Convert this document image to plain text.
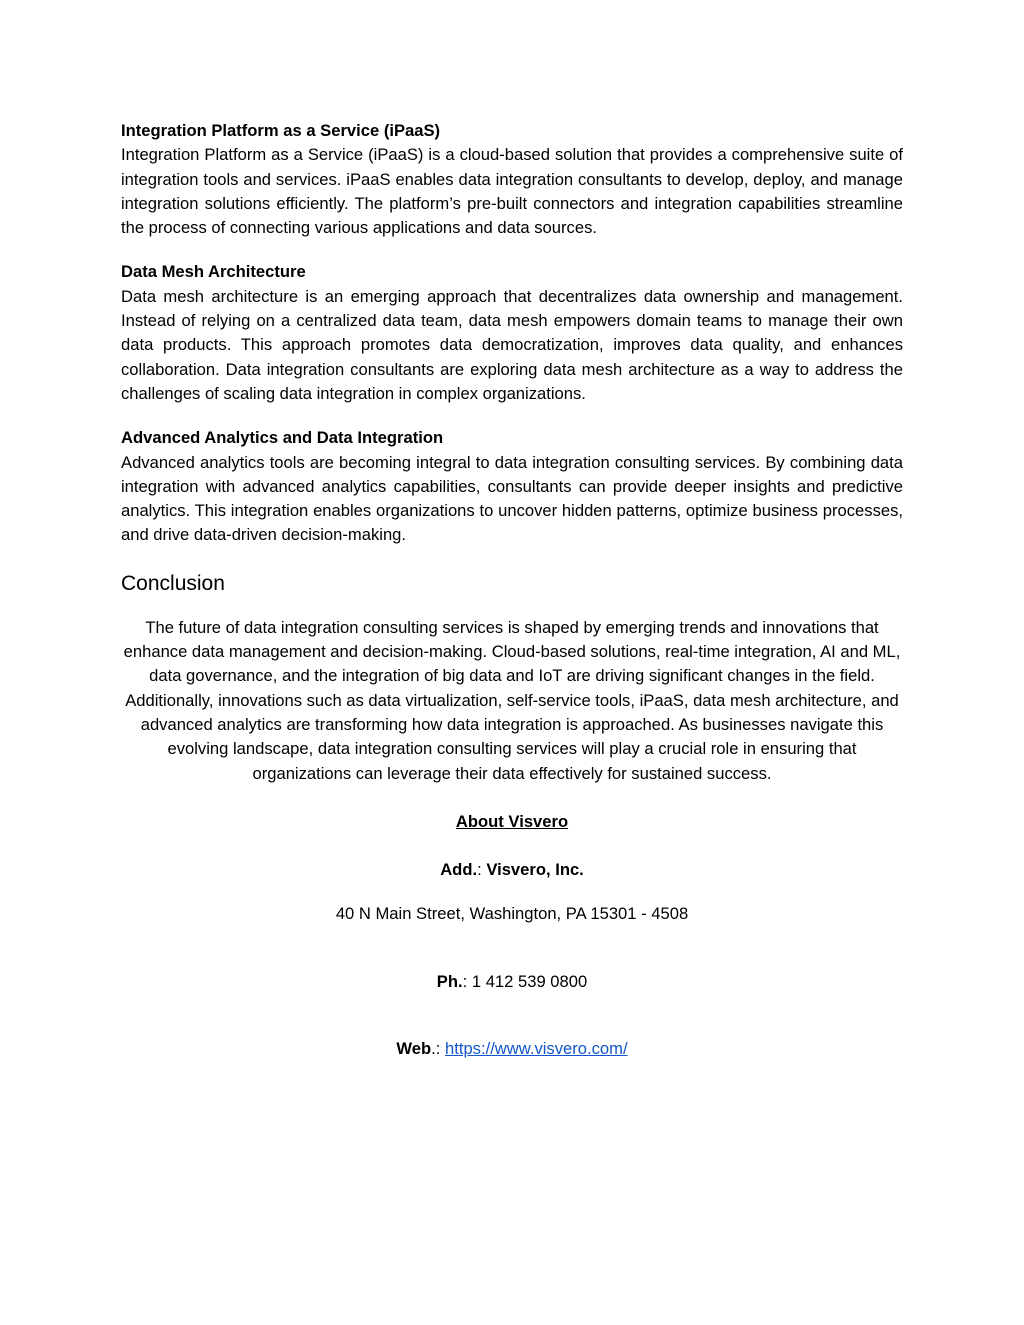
Integration Platform as a Service (iPaaS)

Integration Platform as a Service (iPaaS) is a cloud-based solution that provides a comprehensive suite of integration tools and services. iPaaS enables data integration consultants to develop, deploy, and manage integration solutions efficiently. The platform’s pre-built connectors and integration capabilities streamline the process of connecting various applications and data sources.

Data Mesh Architecture

Data mesh architecture is an emerging approach that decentralizes data ownership and management. Instead of relying on a centralized data team, data mesh empowers domain teams to manage their own data products. This approach promotes data democratization, improves data quality, and enhances collaboration. Data integration consultants are exploring data mesh architecture as a way to address the challenges of scaling data integration in complex organizations.

Advanced Analytics and Data Integration

Advanced analytics tools are becoming integral to data integration consulting services. By combining data integration with advanced analytics capabilities, consultants can provide deeper insights and predictive analytics. This integration enables organizations to uncover hidden patterns, optimize business processes, and drive data-driven decision-making.

Conclusion

The future of data integration consulting services is shaped by emerging trends and innovations that enhance data management and decision-making. Cloud-based solutions, real-time integration, AI and ML, data governance, and the integration of big data and IoT are driving significant changes in the field. Additionally, innovations such as data virtualization, self-service tools, iPaaS, data mesh architecture, and advanced analytics are transforming how data integration is approached. As businesses navigate this evolving landscape, data integration consulting services will play a crucial role in ensuring that organizations can leverage their data effectively for sustained success.

About Visvero

Add.: Visvero, Inc.

40 N Main Street, Washington, PA 15301 - 4508

Ph.: 1 412 539 0800

Web.: https://www.visvero.com/
